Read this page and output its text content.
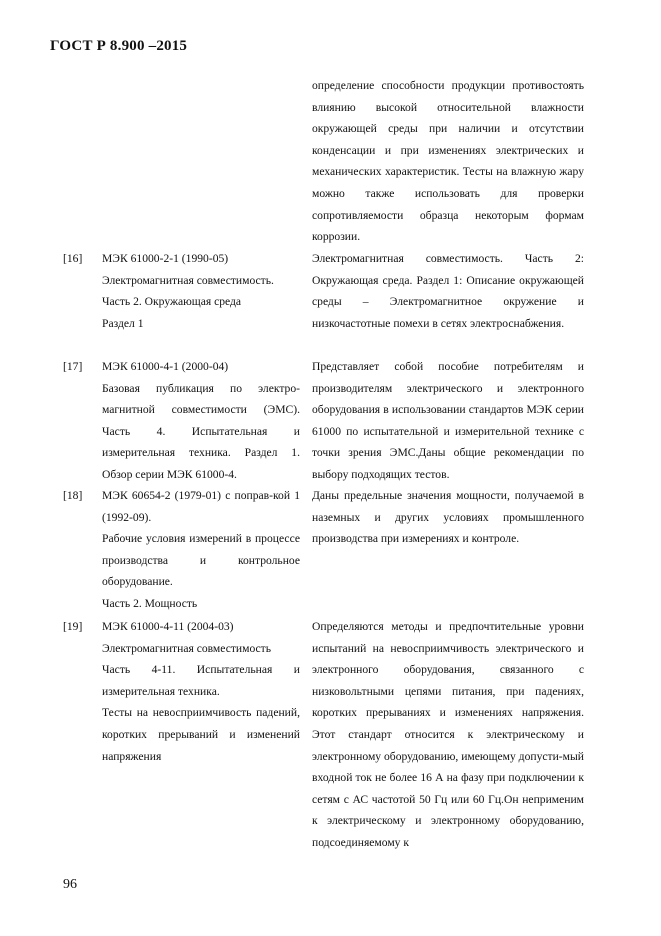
ГОСТ Р 8.900 –2015

определение способности продукции противостоять влиянию высокой относительной влажности окружающей среды при наличии и отсутствии конденсации и при изменениях электрических и механических характеристик. Тесты на влажную жару можно также использовать для проверки сопротивляемости образца некоторым формам коррозии.

[16] МЭК 61000-2-1 (1990-05)

Электромагнитная совместимость.

Часть 2. Окружающая среда

Раздел 1

Электромагнитная совместимость. Часть 2: Окружающая среда. Раздел 1: Описание окружающей среды – Электромагнитное окружение и низкочастотные помехи в сетях электроснабжения.

[17] МЭК 61000-4-1 (2000-04)

Базовая публикация по электро-магнитной совместимости (ЭМС). Часть 4. Испытательная и измерительная техника. Раздел 1. Обзор серии МЭК 61000-4.

Представляет собой пособие потребителям и производителям электрического и электронного оборудования в использовании стандартов МЭК серии 61000 по испытательной и измерительной технике с точки зрения ЭМС.Даны общие рекомендации по выбору подходящих тестов.

[18] МЭК 60654-2 (1979-01) с поправ-кой 1 (1992-09).

Рабочие условия измерений в процессе производства и контрольное оборудование.

Часть 2. Мощность

Даны предельные значения мощности, получаемой в наземных и других условиях промышленного производства при измерениях и контроле.

[19] МЭК 61000-4-11 (2004-03)

Электромагнитная совместимость

Часть 4-11. Испытательная и измерительная техника.

Тесты на невосприимчивость падений, коротких прерываний и изменений напряжения

Определяются методы и предпочтительные уровни испытаний на невосприимчивость электрического и электронного оборудования, связанного с низковольтными цепями питания, при падениях, коротких прерываниях и изменениях напряжения. Этот стандарт относится к электрическому и электронному оборудованию, имеющему допусти-мый входной ток не более 16 А на фазу при подключении к сетям с АС частотой 50 Гц или 60 Гц.Он неприменим к электрическому и электронному оборудованию, подсоединяемому к

96
